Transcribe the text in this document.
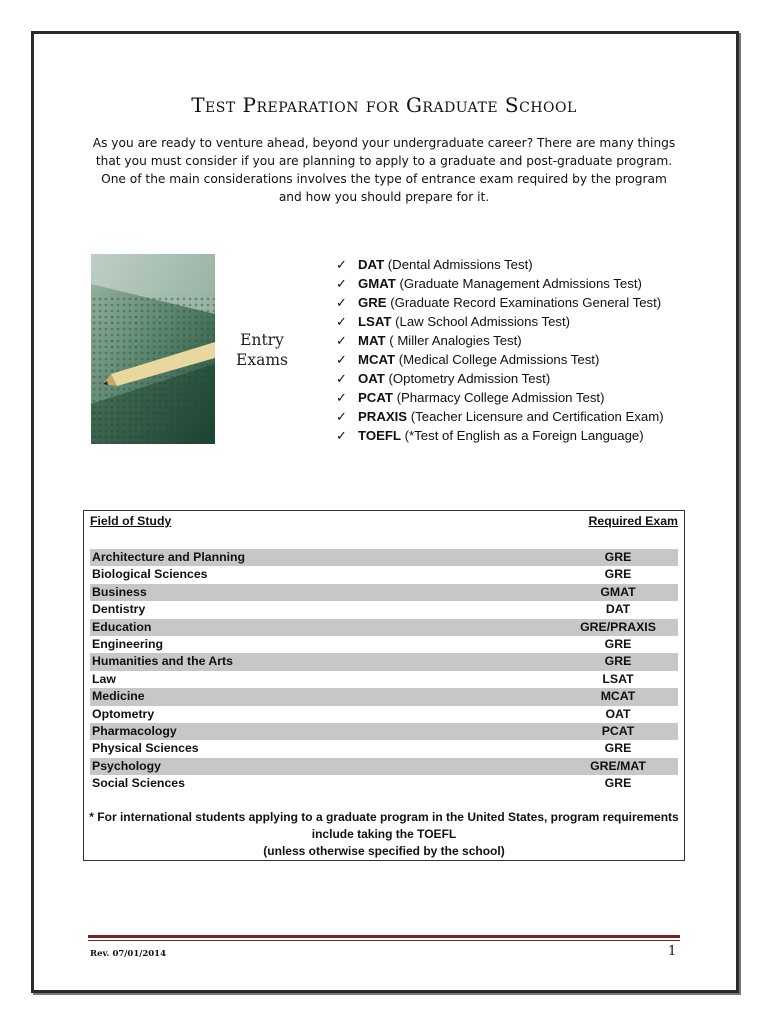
Test Preparation for Graduate School
As you are ready to venture ahead, beyond your undergraduate career? There are many things that you must consider if you are planning to apply to a graduate and post-graduate program. One of the main considerations involves the type of entrance exam required by the program and how you should prepare for it.
Entry
Exams
✓ DAT (Dental Admissions Test)
✓ GMAT (Graduate Management Admissions Test)
✓ GRE (Graduate Record Examinations General Test)
✓ LSAT (Law School Admissions Test)
✓ MAT ( Miller Analogies Test)
✓ MCAT (Medical College Admissions Test)
✓ OAT (Optometry Admission Test)
✓ PCAT (Pharmacy College Admission Test)
✓ PRAXIS (Teacher Licensure and Certification Exam)
✓ TOEFL (*Test of English as a Foreign Language)
Field of Study	Required Exam
Architecture and Planning	GRE
Biological Sciences	GRE
Business	GMAT
Dentistry	DAT
Education	GRE/PRAXIS
Engineering	GRE
Humanities and the Arts	GRE
Law	LSAT
Medicine	MCAT
Optometry	OAT
Pharmacology	PCAT
Physical Sciences	GRE
Psychology	GRE/MAT
Social Sciences	GRE
* For international students applying to a graduate program in the United States, program requirements include taking the TOEFL
(unless otherwise specified by the school)
Rev. 07/01/2014	1
